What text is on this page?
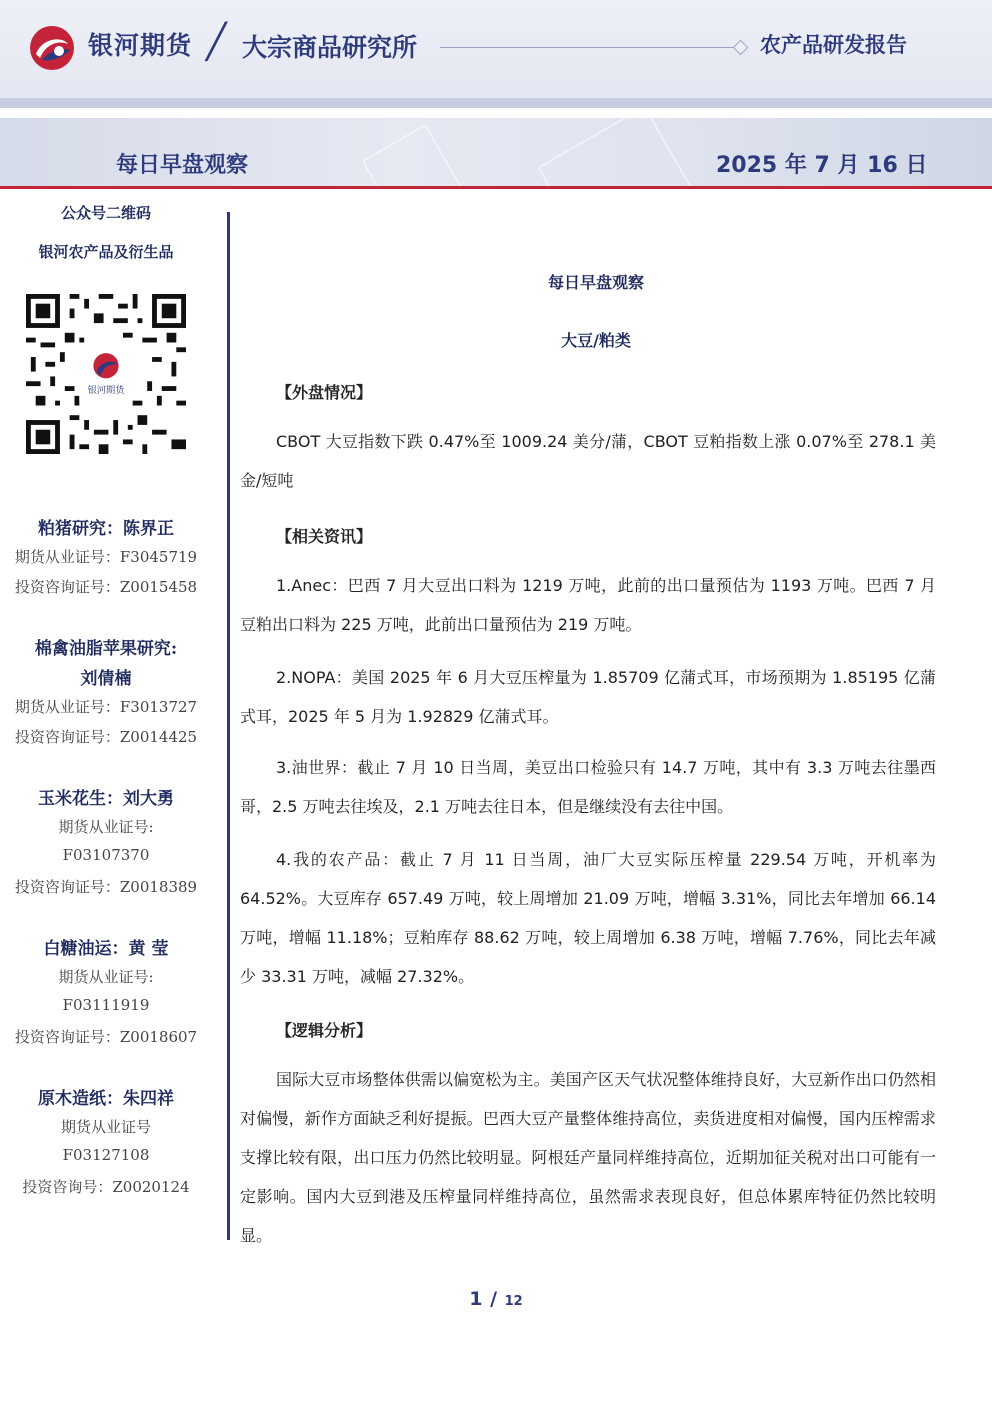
银河期货 ╱ 大宗商品研究所	农产品研发报告
每日早盘观察	2025 年 7 月 16 日
公众号二维码
银河农产品及衍生品
银河期货
粕猪研究：陈界正
期货从业证号：F3045719
投资咨询证号：Z0015458
棉禽油脂苹果研究:
刘倩楠
期货从业证号：F3013727
投资咨询证号：Z0014425
玉米花生：刘大勇
期货从业证号:
F03107370
投资咨询证号：Z0018389
白糖油运：黄 莹
期货从业证号:
F03111919
投资咨询证号：Z0018607
原木造纸：朱四祥
期货从业证号
F03127108
投资咨询号：Z0020124
每日早盘观察
大豆/粕类
【外盘情况】
CBOT 大豆指数下跌 0.47%至 1009.24 美分/蒲，CBOT 豆粕指数上涨 0.07%至 278.1 美金/短吨
【相关资讯】
1.Anec：巴西 7 月大豆出口料为 1219 万吨，此前的出口量预估为 1193 万吨。巴西 7 月豆粕出口料为 225 万吨，此前出口量预估为 219 万吨。
2.NOPA：美国 2025 年 6 月大豆压榨量为 1.85709 亿蒲式耳，市场预期为 1.85195 亿蒲式耳，2025 年 5 月为 1.92829 亿蒲式耳。
3.油世界：截止 7 月 10 日当周，美豆出口检验只有 14.7 万吨，其中有 3.3 万吨去往墨西哥，2.5 万吨去往埃及，2.1 万吨去往日本，但是继续没有去往中国。
4.我的农产品：截止 7 月 11 日当周，油厂大豆实际压榨量 229.54 万吨，开机率为 64.52%。大豆库存 657.49 万吨，较上周增加 21.09 万吨，增幅 3.31%，同比去年增加 66.14 万吨，增幅 11.18%；豆粕库存 88.62 万吨，较上周增加 6.38 万吨，增幅 7.76%，同比去年减少 33.31 万吨，减幅 27.32%。
【逻辑分析】
国际大豆市场整体供需以偏宽松为主。美国产区天气状况整体维持良好，大豆新作出口仍然相对偏慢，新作方面缺乏利好提振。巴西大豆产量整体维持高位，卖货进度相对偏慢，国内压榨需求支撑比较有限，出口压力仍然比较明显。阿根廷产量同样维持高位，近期加征关税对出口可能有一定影响。国内大豆到港及压榨量同样维持高位，虽然需求表现良好，但总体累库特征仍然比较明显。
1 / 12
